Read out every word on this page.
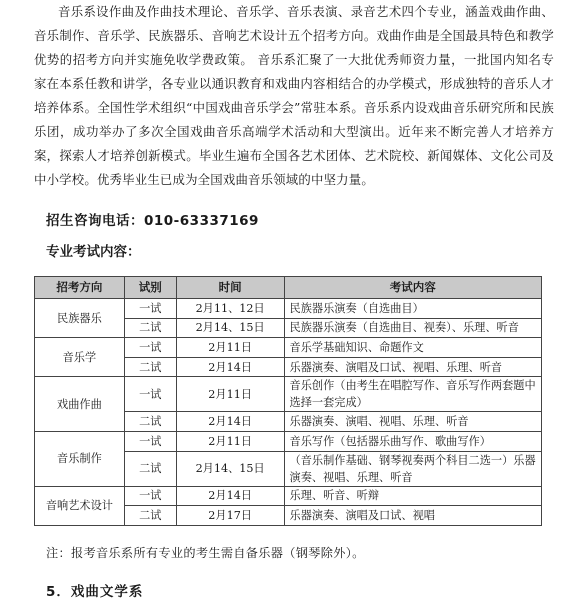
音乐系设作曲及作曲技术理论、音乐学、音乐表演、录音艺术四个专业，涵盖戏曲作曲、音乐制作、音乐学、民族器乐、音响艺术设计五个招考方向。戏曲作曲是全国最具特色和教学优势的招考方向并实施免收学费政策。 音乐系汇聚了一大批优秀师资力量，一批国内知名专家在本系任教和讲学，各专业以通识教育和戏曲内容相结合的办学模式，形成独特的音乐人才培养体系。全国性学术组织“中国戏曲音乐学会”常驻本系。音乐系内设戏曲音乐研究所和民族乐团，成功举办了多次全国戏曲音乐高端学术活动和大型演出。近年来不断完善人才培养方案，探索人才培养创新模式。毕业生遍布全国各艺术团体、艺术院校、新闻媒体、文化公司及中小学校。优秀毕业生已成为全国戏曲音乐领域的中坚力量。

招生咨询电话：010-63337169
专业考试内容：
招考方向	试别	时间	考试内容
民族器乐	一试	2月11、12日	民族器乐演奏（自选曲目）
	二试	2月14、15日	民族器乐演奏（自选曲目、视奏）、乐理、听音
音乐学	一试	2月11日	音乐学基础知识、命题作文
	二试	2月14日	乐器演奏、演唱及口试、视唱、乐理、听音
戏曲作曲	一试	2月11日	音乐创作（由考生在唱腔写作、音乐写作两套题中选择一套完成）
	二试	2月14日	乐器演奏、演唱、视唱、乐理、听音
音乐制作	一试	2月11日	音乐写作（包括器乐曲写作、歌曲写作）
	二试	2月14、15日	（音乐制作基础、钢琴视奏两个科目二选一）乐器演奏、视唱、乐理、听音
音响艺术设计	一试	2月14日	乐理、听音、听辩
	二试	2月17日	乐器演奏、演唱及口试、视唱
注：报考音乐系所有专业的考生需自备乐器（钢琴除外）。
5．戏曲文学系
